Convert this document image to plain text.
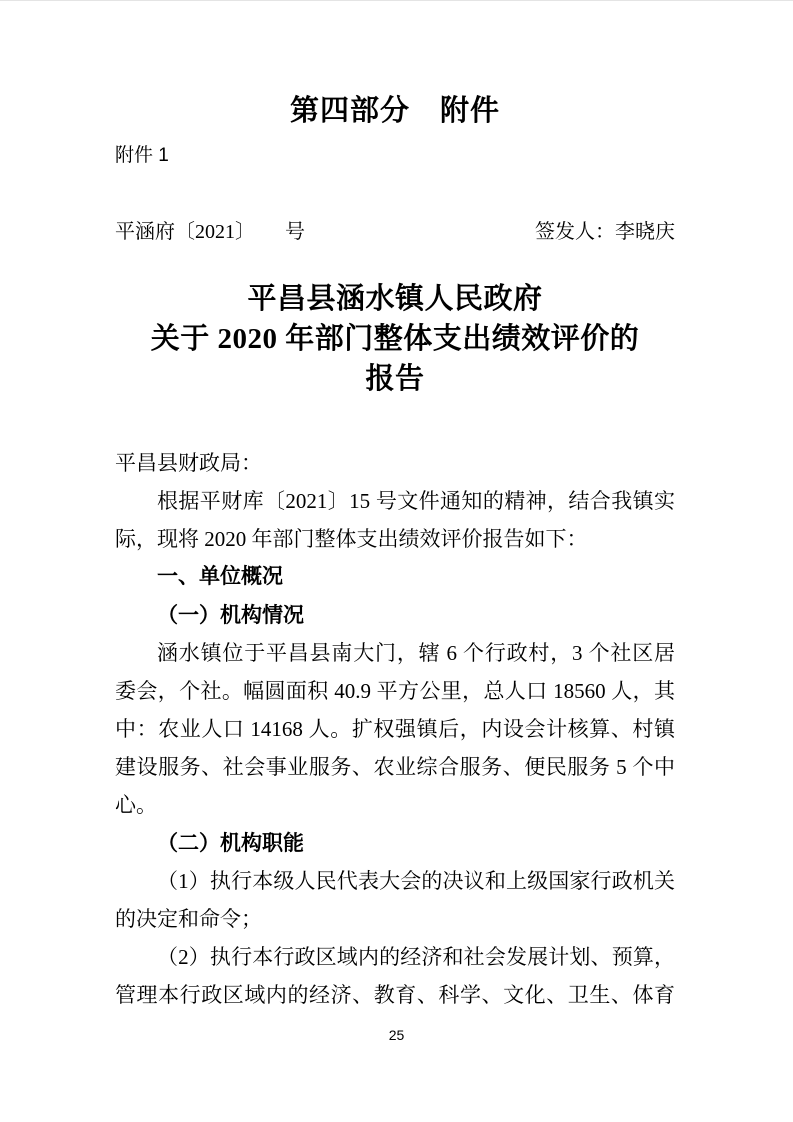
第四部分　附件
附件 1
平涵府〔2021〕　　号	签发人：李晓庆
平昌县涵水镇人民政府
关于 2020 年部门整体支出绩效评价的
报告

平昌县财政局：

根据平财库〔2021〕15 号文件通知的精神，结合我镇实际，现将 2020 年部门整体支出绩效评价报告如下：

一、单位概况

（一）机构情况

涵水镇位于平昌县南大门，辖 6 个行政村，3 个社区居委会，个社。幅圆面积 40.9 平方公里，总人口 18560 人，其中：农业人口 14168 人。扩权强镇后，内设会计核算、村镇建设服务、社会事业服务、农业综合服务、便民服务 5 个中心。

（二）机构职能

（1）执行本级人民代表大会的决议和上级国家行政机关的决定和命令；

（2）执行本行政区域内的经济和社会发展计划、预算，管理本行政区域内的经济、教育、科学、文化、卫生、体育

25
